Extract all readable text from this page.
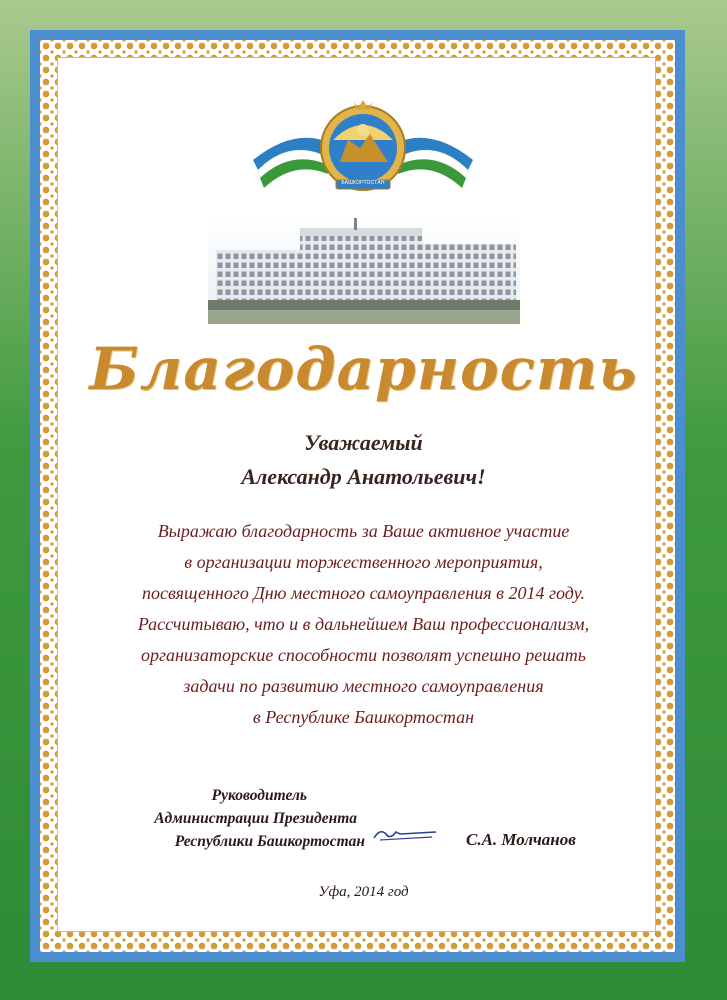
БАШКОРТОСТАН
Благодарность
Уважаемый
Александр Анатольевич!
Выражаю благодарность за Ваше активное участие
в организации торжественного мероприятия,
посвященного Дню местного самоуправления в 2014 году.
Рассчитываю, что и в дальнейшем Ваш профессионализм,
организаторские способности позволят успешно решать
задачи по развитию местного самоуправления
в Республике Башкортостан
Руководитель
Администрации Президента
Республики Башкортостан	С.А. Молчанов
Уфа, 2014 год
